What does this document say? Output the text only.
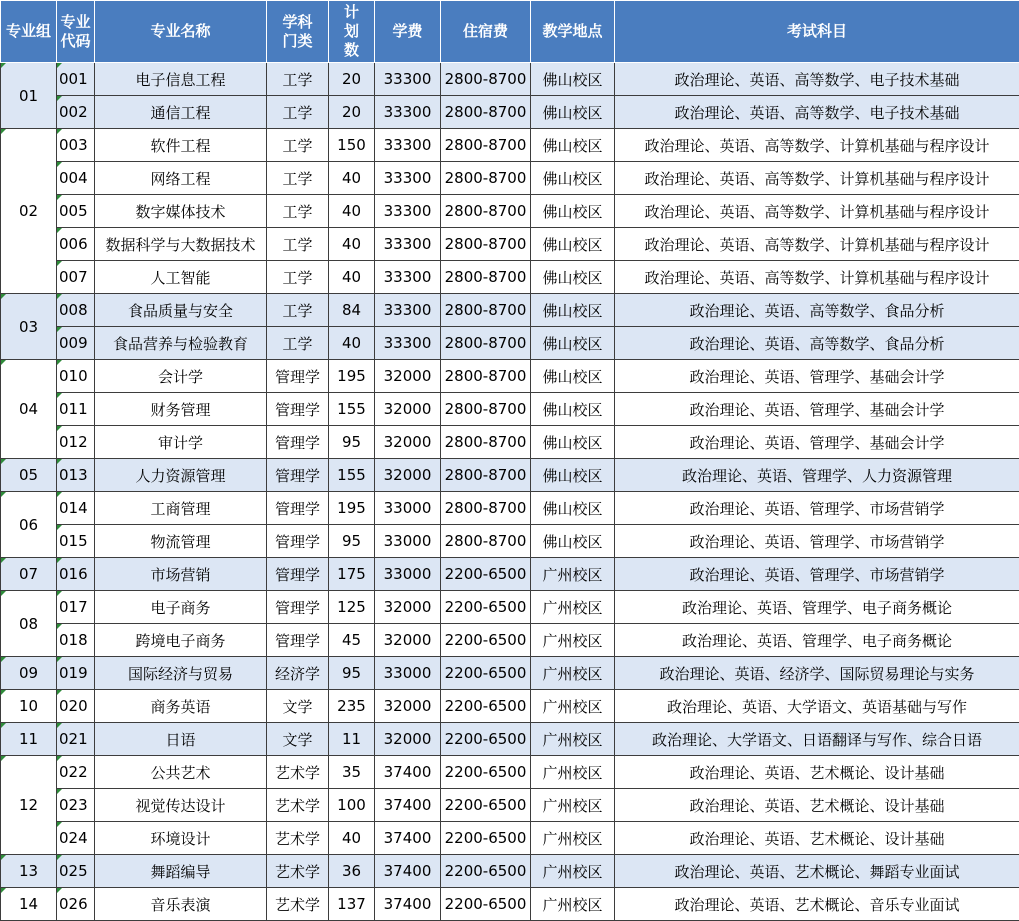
专业组	专业代码	专业名称	学科门类	计划数	学费	住宿费	教学地点	考试科目
01	001	电子信息工程	工学	20	33300	2800-8700	佛山校区	政治理论、英语、高等数学、电子技术基础
	002	通信工程	工学	20	33300	2800-8700	佛山校区	政治理论、英语、高等数学、电子技术基础
02	003	软件工程	工学	150	33300	2800-8700	佛山校区	政治理论、英语、高等数学、计算机基础与程序设计
	004	网络工程	工学	40	33300	2800-8700	佛山校区	政治理论、英语、高等数学、计算机基础与程序设计
	005	数字媒体技术	工学	40	33300	2800-8700	佛山校区	政治理论、英语、高等数学、计算机基础与程序设计
	006	数据科学与大数据技术	工学	40	33300	2800-8700	佛山校区	政治理论、英语、高等数学、计算机基础与程序设计
	007	人工智能	工学	40	33300	2800-8700	佛山校区	政治理论、英语、高等数学、计算机基础与程序设计
03	008	食品质量与安全	工学	84	33300	2800-8700	佛山校区	政治理论、英语、高等数学、食品分析
	009	食品营养与检验教育	工学	40	33300	2800-8700	佛山校区	政治理论、英语、高等数学、食品分析
04	010	会计学	管理学	195	32000	2800-8700	佛山校区	政治理论、英语、管理学、基础会计学
	011	财务管理	管理学	155	32000	2800-8700	佛山校区	政治理论、英语、管理学、基础会计学
	012	审计学	管理学	95	32000	2800-8700	佛山校区	政治理论、英语、管理学、基础会计学
05	013	人力资源管理	管理学	155	32000	2800-8700	佛山校区	政治理论、英语、管理学、人力资源管理
06	014	工商管理	管理学	195	33000	2800-8700	佛山校区	政治理论、英语、管理学、市场营销学
	015	物流管理	管理学	95	33000	2800-8700	佛山校区	政治理论、英语、管理学、市场营销学
07	016	市场营销	管理学	175	33000	2200-6500	广州校区	政治理论、英语、管理学、市场营销学
08	017	电子商务	管理学	125	32000	2200-6500	广州校区	政治理论、英语、管理学、电子商务概论
	018	跨境电子商务	管理学	45	32000	2200-6500	广州校区	政治理论、英语、管理学、电子商务概论
09	019	国际经济与贸易	经济学	95	33000	2200-6500	广州校区	政治理论、英语、经济学、国际贸易理论与实务
10	020	商务英语	文学	235	32000	2200-6500	广州校区	政治理论、英语、大学语文、英语基础与写作
11	021	日语	文学	11	32000	2200-6500	广州校区	政治理论、大学语文、日语翻译与写作、综合日语
12	022	公共艺术	艺术学	35	37400	2200-6500	广州校区	政治理论、英语、艺术概论、设计基础
	023	视觉传达设计	艺术学	100	37400	2200-6500	广州校区	政治理论、英语、艺术概论、设计基础
	024	环境设计	艺术学	40	37400	2200-6500	广州校区	政治理论、英语、艺术概论、设计基础
13	025	舞蹈编导	艺术学	36	37400	2200-6500	广州校区	政治理论、英语、艺术概论、舞蹈专业面试
14	026	音乐表演	艺术学	137	37400	2200-6500	广州校区	政治理论、英语、艺术概论、音乐专业面试
